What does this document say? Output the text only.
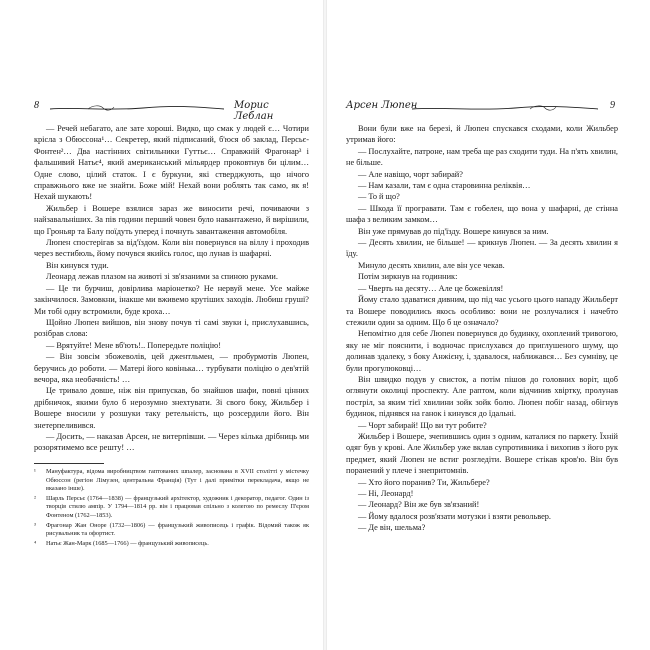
8	Морис Леблан

— Речей небагато, але зате хороші. Видко, що смак у людей є… Чотири крісла з Обюссона¹… Секретер, який підписаний, б'юся об заклад, Персьє-Фонтен²… Два настінних світильники Гуттьє… Справжній Фрагонар³ і фальшивий Натьє⁴, який американський мільярдер проковтнув би цілим… Одне слово, цілий статок. І є буркуни, які стверджують, що нічого справжнього вже не знайти. Боже мій! Нехай вони роблять так само, як я! Нехай шукають!

Жильбер і Вошере взялися зараз же виносити речі, почиваючи з найзавальніших. За пів години перший човен було навантажено, й вирішили, що Гроньяр та Балу поїдуть уперед і почнуть завантаження автомобіля.

Люпен спостерігав за від'їздом. Коли він повернувся на віллу і проходив через вестибюль, йому почувся якийсь голос, що лунав із шафарні.

Він кинувся туди.

Леонард лежав плазом на животі зі зв'язаними за спиною руками.

— Це ти бурчиш, довірлива маріонетко? Не нервуй мене. Усе майже закінчилося. Замовкни, інакше ми вживемо крутіших заходів. Любиш груші? Ми тобі одну встромили, буде кроха…

Щойно Люпен вийшов, він знову почув ті самі звуки і, прислухавшись, розібрав слова:

— Врятуйте! Мене вб'ють!.. Попередьте поліцію!

— Він зовсім збожеволів, цей джентльмен, — пробурмотів Люпен, беручись до роботи. — Матері його ковінька… турбувати поліцію о дев'ятій вечора, яка необачність! …

Це тривало довше, ніж він припускав, бо знайшов шафи, повні цінних дрібничок, якими було б нерозумно знехтувати. Зі свого боку, Жильбер і Вошере вносили у розшуки таку ретельність, що розсердили його. Він знетерпеливився.

— Досить, — наказав Арсен, не витерпівши. — Через кілька дрібниць ми розорятимемо все решту! …

¹ Мануфактура, відома виробництвом гаптованих шпалер, заснована в XVII столітті у містечку Обюссон (регіон Лімузен, центральна Франція) (Тут і далі примітки перекладача, якщо не вказано інше).
² Шарль Персьє (1764—1838) — французький архітектор, художник і декоратор, педагог. Один із творців стилю ампір. У 1794—1814 рр. він і працював спільно з колегою по ремеслу П'єром Фонтеном (1762—1853).
³ Фрагонар Жан Оноре (1732—1806) — французький живописець і графік. Відомий також як рисувальник та офортист.
⁴ Натьє Жан-Марк (1685—1766) — французький живописець.
Арсен Люпен	9

Вони були вже на березі, й Люпен спускався сходами, коли Жильбер утримав його:

— Послухайте, патроне, нам треба ще раз сходити туди. На п'ять хвилин, не більше.

— Але навіщо, чорт забирай?

— Нам казали, там є одна старовинна релiквiя…

— То й що?

— Шкода її програвати. Там є гобелен, що вона у шафарні, де стінна шафа з великим замком…

Він уже прямував до під'їзду. Вошере кинувся за ним.

— Десять хвилин, не більше! — крикнув Люпен. — За десять хвилин я їду.

Минуло десять хвилин, але він усе чекав.

Потім зиркнув на годинник:

— Чверть на десяту… Але це божевілля!

Йому стало здаватися дивним, що під час усього цього нападу Жильберт та Вошере поводились якось особливо: вони не розлучалися і начебто стежили один за одним. Що б це означало?

Непомітно для себе Люпен повернувся до будинку, охоплений тривогою, яку не міг пояснити, і водночас прислухався до приглушеного шуму, що долинав здалеку, з боку Анжієну, і, здавалося, наближався… Без сумніву, це були прогулюковці…

Він швидко подув у свисток, а потім пішов до головних воріт, щоб оглянути околиці проспекту. Але раптом, коли відчинив хвіртку, пролунав постріл, за яким тієї хвилини зойк зойк болю. Люпен побіг назад, обігнув будинок, піднявся на ганок і кинувся до їдальні.

— Чорт забирай! Що ви тут робите?

Жильбер і Вошере, зчепившись один з одним, каталися по паркету. Їхній одяг був у крові. Але Жильбер уже вклав супротивника і вихопив з його рук предмет, який Люпен не встиг розгледіти. Вошере стікав кров'ю. Він був поранений у плече і знепритомнів.

— Хто його поранив? Ти, Жильбере?

— Ні, Леонард!

— Леонард? Він же був зв'язаний!

— Йому вдалося розв'язати мотузки і взяти револьвер.

— Де він, шельма?
